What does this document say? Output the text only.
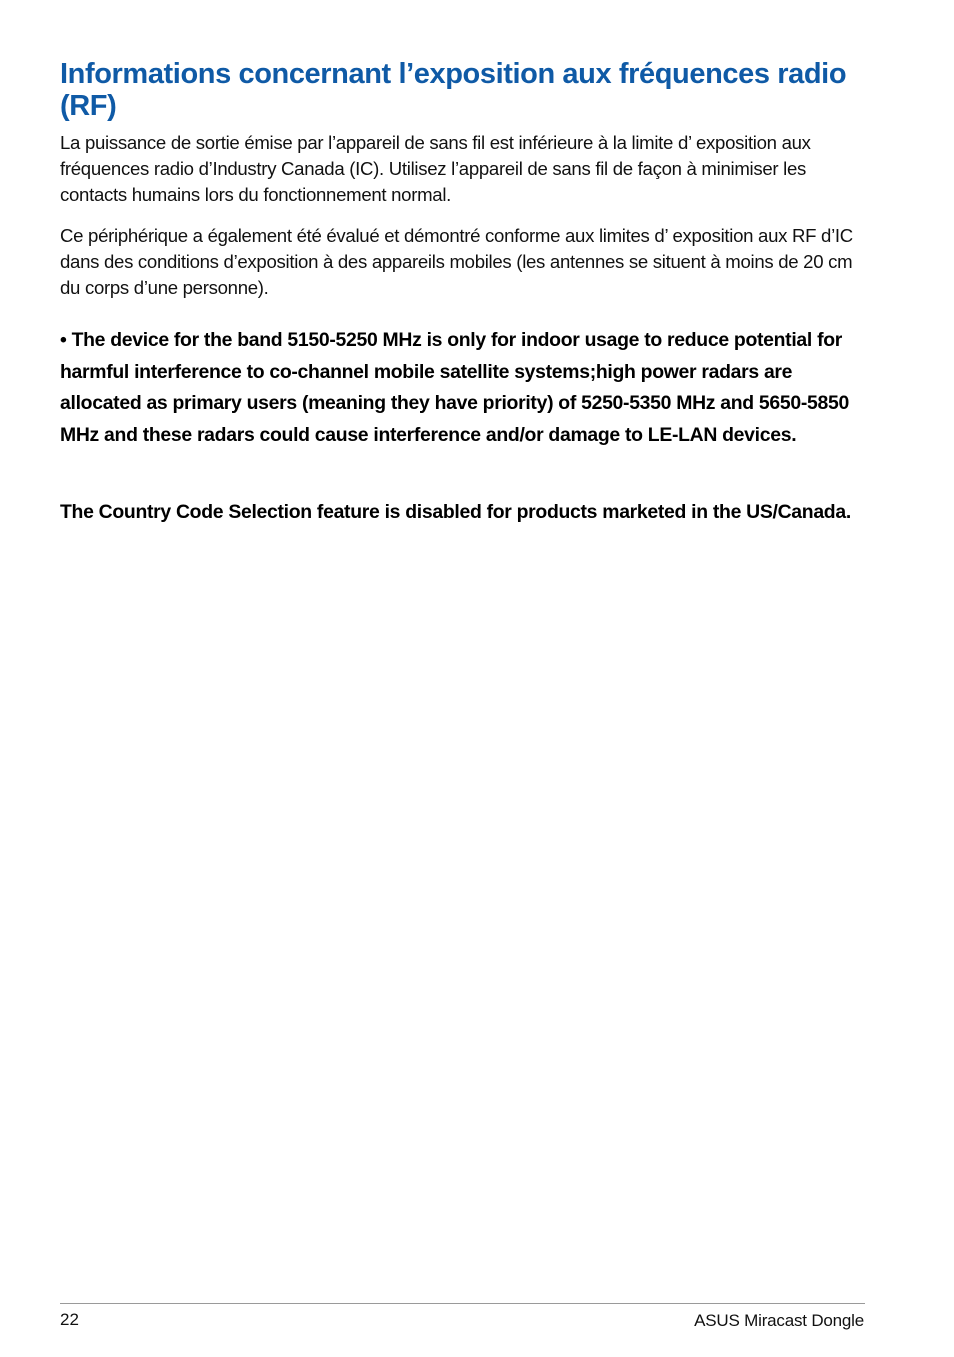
Informations concernant l’exposition aux fréquences radio (RF)

La puissance de sortie émise par l’appareil de sans fil est inférieure à la limite d’ exposition aux fréquences radio d’Industry Canada (IC). Utilisez l’appareil de sans fil de façon à minimiser les contacts humains lors du fonctionnement normal.

Ce périphérique a également été évalué et démontré conforme aux limites d’ exposition aux RF d’IC dans des conditions d’exposition à des appareils mobiles (les antennes se situent à moins de 20 cm du corps d’une personne).

• The device for the band 5150-5250 MHz is only for indoor usage to reduce potential for harmful interference to co-channel mobile satellite systems;high power radars are allocated as primary users (meaning they have priority) of 5250-5350 MHz and 5650-5850 MHz and these radars could cause interference and/or damage to LE-LAN devices.

The Country Code Selection feature is disabled for products marketed in the US/Canada.

22	ASUS Miracast Dongle
